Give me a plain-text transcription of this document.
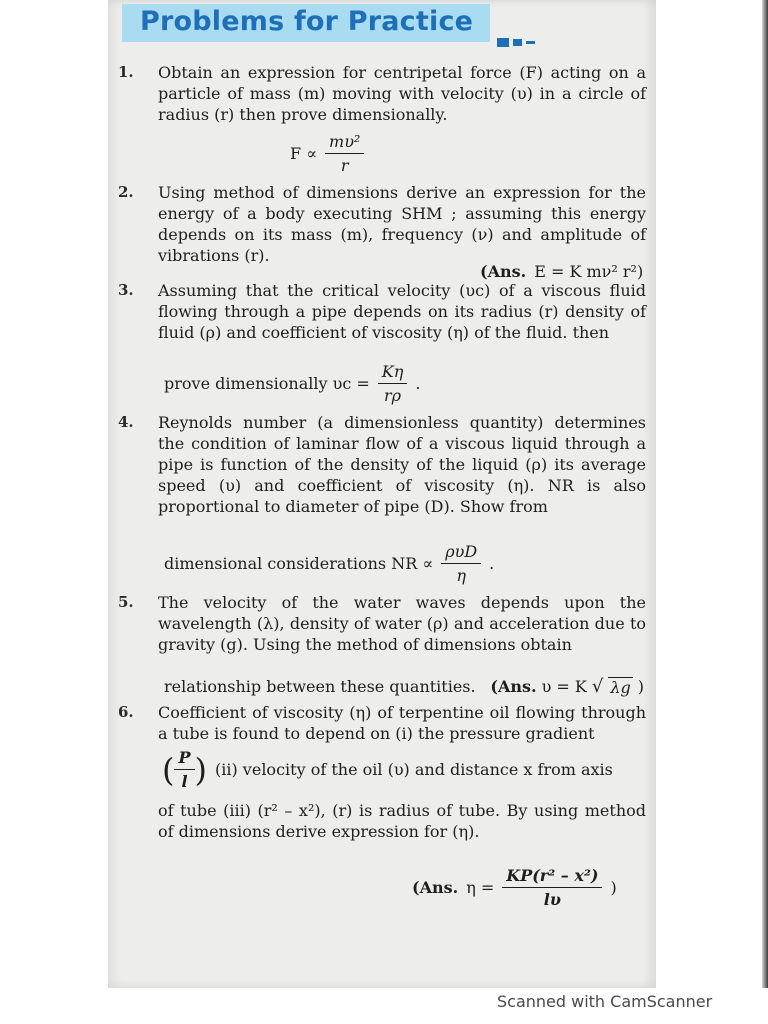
Problems for Practice
1.	Obtain an expression for centripetal force (F) acting on a particle of mass (m) moving with velocity (υ) in a circle of radius (r) then prove dimensionally.
$F \propto \frac{\text{mυ²}}{r}$
2.	Using method of dimensions derive an expression for the energy of a body executing SHM ; assuming this energy depends on its mass (m), frequency (ν) and amplitude of vibrations (r).
(Ans. E = K mν² r²)
3.	Assuming that the critical velocity (υc) of a viscous fluid flowing through a pipe depends on its radius (r) density of fluid (ρ) and coefficient of viscosity (η) of the fluid. then
prove dimensionally $\upsilon c = \frac{K\eta}{r\rho}$ .
4.	Reynolds number (a dimensionless quantity) determines the condition of laminar flow of a viscous liquid through a pipe is function of the density of the liquid (ρ) its average speed (υ) and coefficient of viscosity (η). NR is also proportional to diameter of pipe (D). Show from
dimensional considerations NR ∝ $\frac{\text{ρυD}}{\eta}$ .
5.	The velocity of the water waves depends upon the wavelength (λ), density of water (ρ) and acceleration due to gravity (g). Using the method of dimensions obtain
relationship between these quantities. (Ans. υ = K √ λg )
6.	Coefficient of viscosity (η) of terpentine oil flowing through a tube is found to depend on (i) the pressure gradient
( $\frac{P}{l}$ ) (ii) velocity of the oil (υ) and distance x from axis
of tube (iii) (r² – x²), (r) is radius of tube. By using method of dimensions derive expression for (η).
(Ans. $\eta = \frac{\text{KP(r² – x²)}}{l\upsilon}$ )
Scanned with CamScanner
